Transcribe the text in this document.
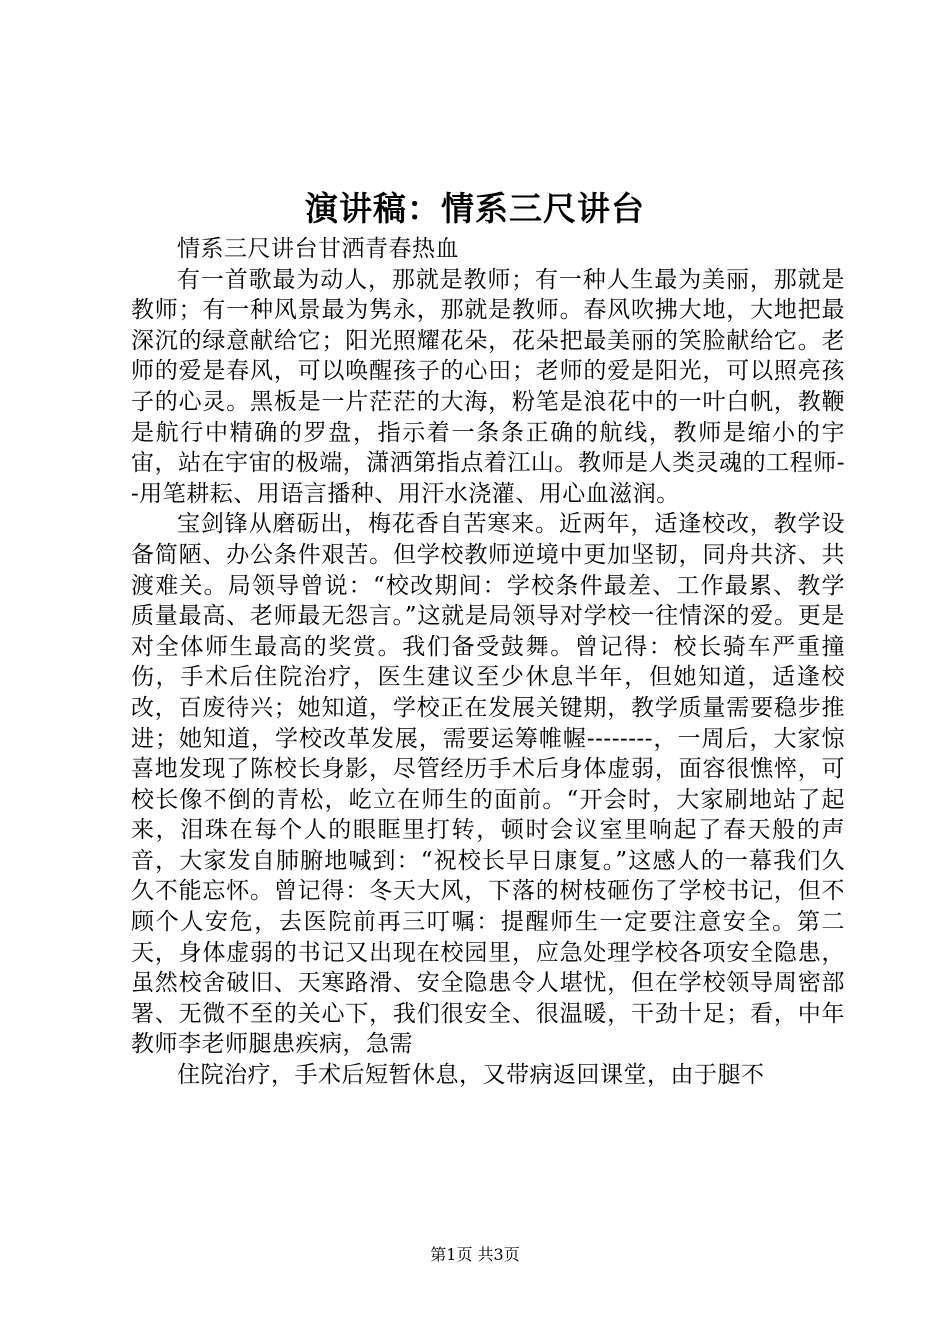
演讲稿：情系三尺讲台

情系三尺讲台甘洒青春热血

有一首歌最为动人，那就是教师；有一种人生最为美丽，那就是教师；有一种风景最为隽永，那就是教师。春风吹拂大地，大地把最深沉的绿意献给它；阳光照耀花朵，花朵把最美丽的笑脸献给它。老师的爱是春风，可以唤醒孩子的心田；老师的爱是阳光，可以照亮孩子的心灵。黑板是一片茫茫的大海，粉笔是浪花中的一叶白帆，教鞭是航行中精确的罗盘，指示着一条条正确的航线，教师是缩小的宇宙，站在宇宙的极端，潇洒第指点着江山。教师是人类灵魂的工程师--用笔耕耘、用语言播种、用汗水浇灌、用心血滋润。

宝剑锋从磨砺出，梅花香自苦寒来。近两年，适逢校改，教学设备简陋、办公条件艰苦。但学校教师逆境中更加坚韧，同舟共济、共渡难关。局领导曾说：“校改期间：学校条件最差、工作最累、教学质量最高、老师最无怨言。”这就是局领导对学校一往情深的爱。更是对全体师生最高的奖赏。我们备受鼓舞。曾记得：校长骑车严重撞伤，手术后住院治疗，医生建议至少休息半年，但她知道，适逢校改，百废待兴；她知道，学校正在发展关键期，教学质量需要稳步推进；她知道，学校改革发展，需要运筹帷幄--------，一周后，大家惊喜地发现了陈校长身影，尽管经历手术后身体虚弱，面容很憔悴，可校长像不倒的青松，屹立在师生的面前。“开会时，大家刷地站了起来，泪珠在每个人的眼眶里打转，顿时会议室里响起了春天般的声音，大家发自肺腑地喊到：“祝校长早日康复。”这感人的一幕我们久久不能忘怀。曾记得：冬天大风，下落的树枝砸伤了学校书记，但不顾个人安危，去医院前再三叮嘱：提醒师生一定要注意安全。第二天，身体虚弱的书记又出现在校园里，应急处理学校各项安全隐患，虽然校舍破旧、天寒路滑、安全隐患令人堪忧，但在学校领导周密部署、无微不至的关心下，我们很安全、很温暖，干劲十足；看，中年教师李老师腿患疾病，急需

住院治疗，手术后短暂休息，又带病返回课堂，由于腿不

第1页 共3页
